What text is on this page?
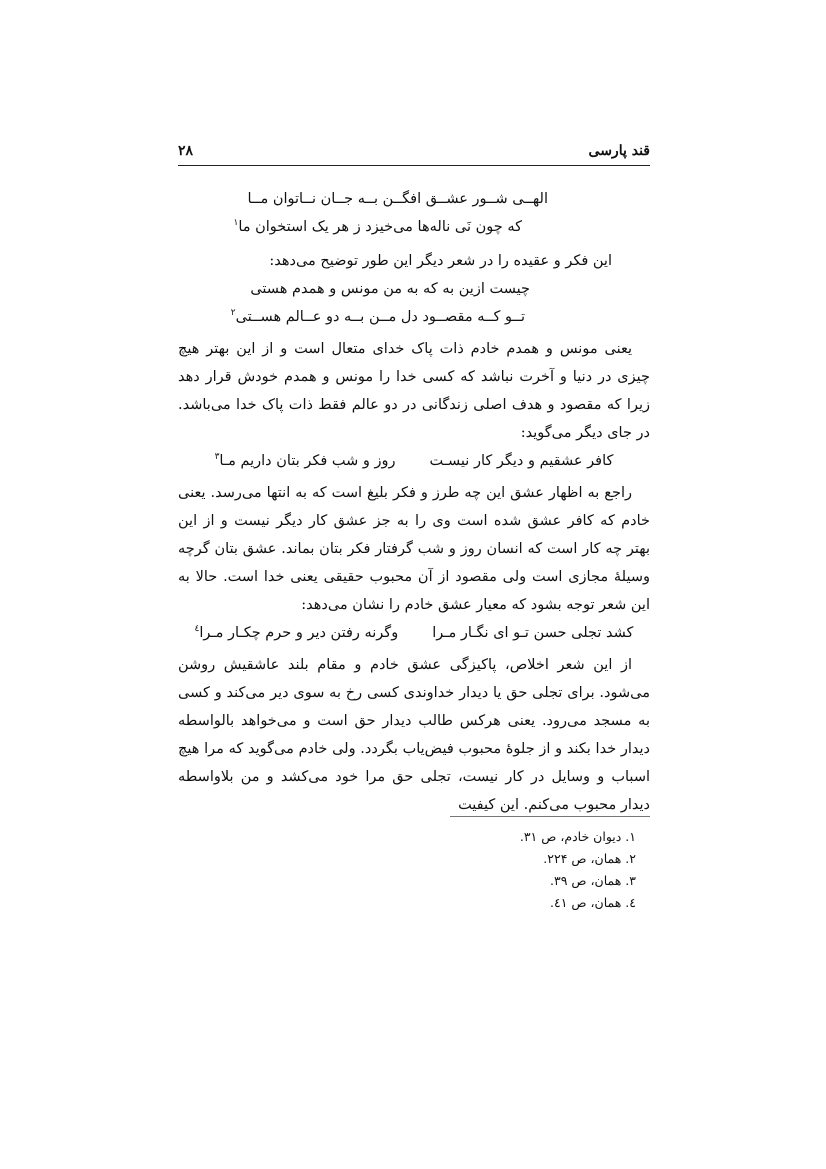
قند پارسی
۲۸
الهــی شــور عشــق افگــن بــه جــان نــاتوان مــا
که چون نَی ناله‌ها می‌خیزد ز هر یک استخوان ما$^۱$
این فکر و عقیده را در شعر دیگر این طور توضیح می‌دهد:
چیست ازین به که به من مونس و همدم هستی
تــو کــه مقصــود دل مــن بــه دو عــالم هســتی$^۲$

یعنی مونس و همدم خادم ذات پاک خدای متعال است و از این بهتر هیچ چیزی در دنیا و آخرت نباشد که کسی خدا را مونس و همدم خودش قرار دهد زیرا که مقصود و هدف اصلی زندگانی در دو عالم فقط ذات پاک خدا می‌باشد. در جای دیگر می‌گوید:

کافر عشقیم و دیگر کار نیسـتروز و شب فکر بتان داریم مـا$^۳$

راجع به اظهار عشق این چه طرز و فکر بلیغ است که به انتها می‌رسد. یعنی خادم که کافر عشق شده است وی را به جز عشق کار دیگر نیست و از این بهتر چه کار است که انسان روز و شب گرفتار فکر بتان بماند. عشق بتان گرچه وسیلهٔ مجازی است ولی مقصود از آن محبوب حقیقی یعنی خدا است. حالا به این شعر توجه بشود که معیار عشق خادم را نشان می‌دهد:

کشد تجلی حسن تـو ای نگـار مـراوگرنه رفتن دیر و حرم چکـار مـرا$^٤$

از این شعر اخلاص، پاکیزگی عشق خادم و مقام بلند عاشقیش روشن می‌شود. برای تجلی حق یا دیدار خداوندی کسی رخ به سوی دیر می‌کند و کسی به مسجد می‌رود. یعنی هرکس طالب دیدار حق است و می‌خواهد بالواسطه دیدار خدا بکند و از جلوهٔ محبوب فیض‌یاب بگردد. ولی خادم می‌گوید که مرا هیچ اسباب و وسایل در کار نیست، تجلی حق مرا خود می‌کشد و من بلاواسطه دیدار محبوب می‌کنم. این کیفیت

۱. دیوان خادم، ص ۳۱.
۲. همان، ص ۲۲۴.
۳. همان، ص ۳۹.
٤. همان، ص ٤۱.
